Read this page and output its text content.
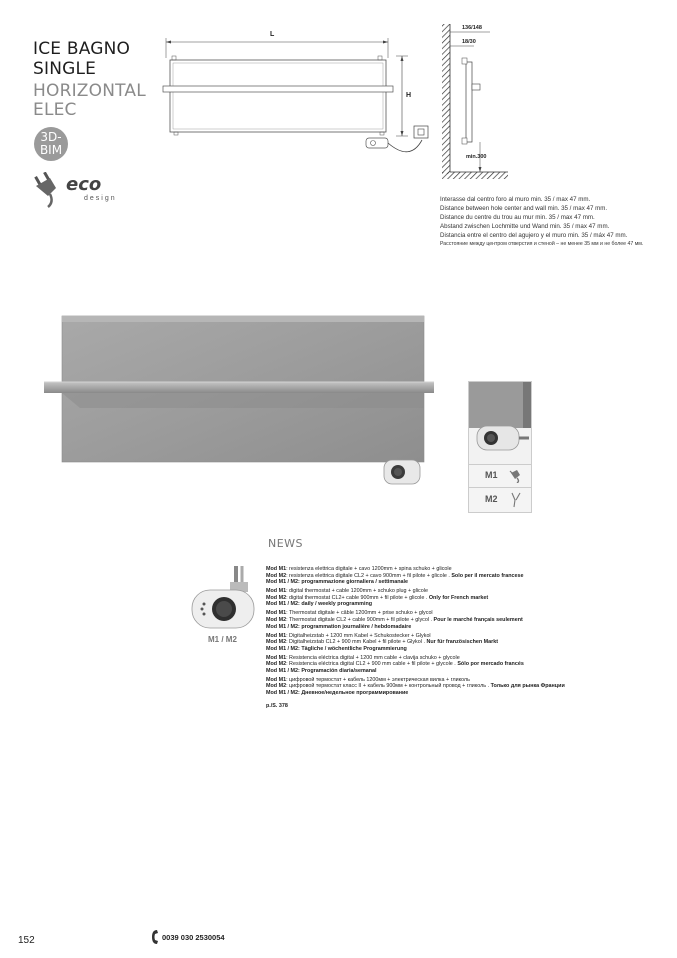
ICE BAGNO
SINGLE
HORIZONTAL
ELEC
3D-
BIM
eco
design
L
H
136/148
18/30
min.300
Interasse dal centro foro al muro min. 35 / max 47 mm.
Distance between hole center and wall min. 35 / max 47 mm.
Distance du centre du trou au mur min. 35 / max 47 mm.
Abstand zwischen Lochmitte und Wand min. 35 / max 47 mm.
Distancia entre el centro del agujero y el muro min. 35 / máx 47 mm.
Расстояние между центром отверстия и стеной – не менее 35 мм и не более 47 мм.
M1
M2
NEWS
M1 / M2
Mod M1: resistenza elettrica digitale + cavo 1200mm + spina schuko + glicole
Mod M2: resistenza elettrica digitale CL2 + cavo 900mm + fil pilote + glicole . Solo per il mercato francese
Mod M1 / M2: programmazione giornaliera / settimanale
Mod M1: digital thermostat + cable 1200mm + schuko plug + glicole
Mod M2: digital thermostat CL2+ cable 900mm + fil pilote + glicole . Only for French market
Mod M1 / M2: daily / weekly programming
Mod M1: Thermostat digitale + câble 1200mm + prise schuko + glycol
Mod M2: Thermostat digitale CL2 + cable 900mm + fil pilote + glycol . Pour le marché français seulement
Mod M1 / M2: programmation journalière / hebdomadaire
Mod M1: Digitalheizstab + 1200 mm Kabel + Schukostecker + Glykol
Mod M2: Digitalheizstab CL2 + 900 mm Kabel + fil pilote + Glykol . Nur für französischen Markt
Mod M1 / M2: Tägliche / wöchentliche Programmierung
Mod M1: Resistencia eléctrica digital + 1200 mm cable + clavija schuko + glycole
Mod M2: Resistencia eléctrica digital CL2 + 900 mm cable + fil pilote + glycole . Sólo por mercado francés
Mod M1 / M2: Programación diaria/semanal
Mod M1: цифровой термостат + кабель 1200мм + электрическая вилка + гликоль
Mod M2: цифровой термостат класс II + кабель 900мм + контрольный провод + гликоль . Только для рынка Франции
Mod M1 / M2: Дневное/недельное программирование
p./S. 378
152	0039 030 2530054
